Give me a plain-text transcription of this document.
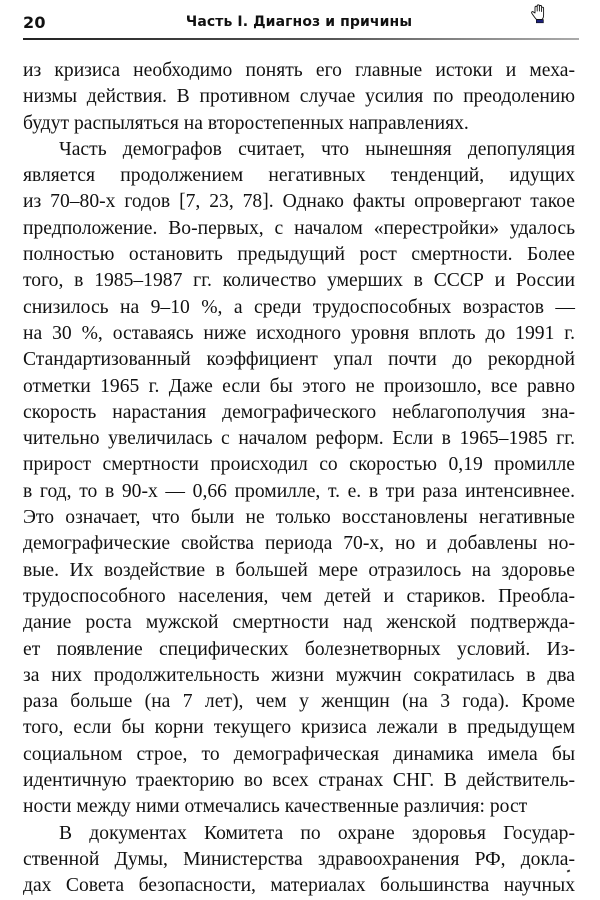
20	Часть I. Диагноз и причины
из кризиса необходимо понять его главные истоки и меха-
низмы действия. В противном случае усилия по преодолению
будут распыляться на второстепенных направлениях.
Часть демографов считает, что нынешняя депопуляция
является продолжением негативных тенденций, идущих
из 70–80-х годов [7, 23, 78]. Однако факты опровергают такое
предположение. Во-первых, с началом «перестройки» удалось
полностью остановить предыдущий рост смертности. Более
того, в 1985–1987 гг. количество умерших в СССР и России
снизилось на 9–10 %, а среди трудоспособных возрастов —
на 30 %, оставаясь ниже исходного уровня вплоть до 1991 г.
Стандартизованный коэффициент упал почти до рекордной
отметки 1965 г. Даже если бы этого не произошло, все равно
скорость нарастания демографического неблагополучия зна-
чительно увеличилась с началом реформ. Если в 1965–1985 гг.
прирост смертности происходил со скоростью 0,19 промилле
в год, то в 90-х — 0,66 промилле, т. е. в три раза интенсивнее.
Это означает, что были не только восстановлены негативные
демографические свойства периода 70-х, но и добавлены но-
вые. Их воздействие в большей мере отразилось на здоровье
трудоспособного населения, чем детей и стариков. Преобла-
дание роста мужской смертности над женской подтвержда-
ет появление специфических болезнетворных условий. Из-
за них продолжительность жизни мужчин сократилась в два
раза больше (на 7 лет), чем у женщин (на 3 года). Кроме
того, если бы корни текущего кризиса лежали в предыдущем
социальном строе, то демографическая динамика имела бы
идентичную траекторию во всех странах СНГ. В действитель-
ности между ними отмечались качественные различия: рост
В документах Комитета по охране здоровья Государ-
ственной Думы, Министерства здравоохранения РФ, докла-
дах Совета безопасности, материалах большинства научных
